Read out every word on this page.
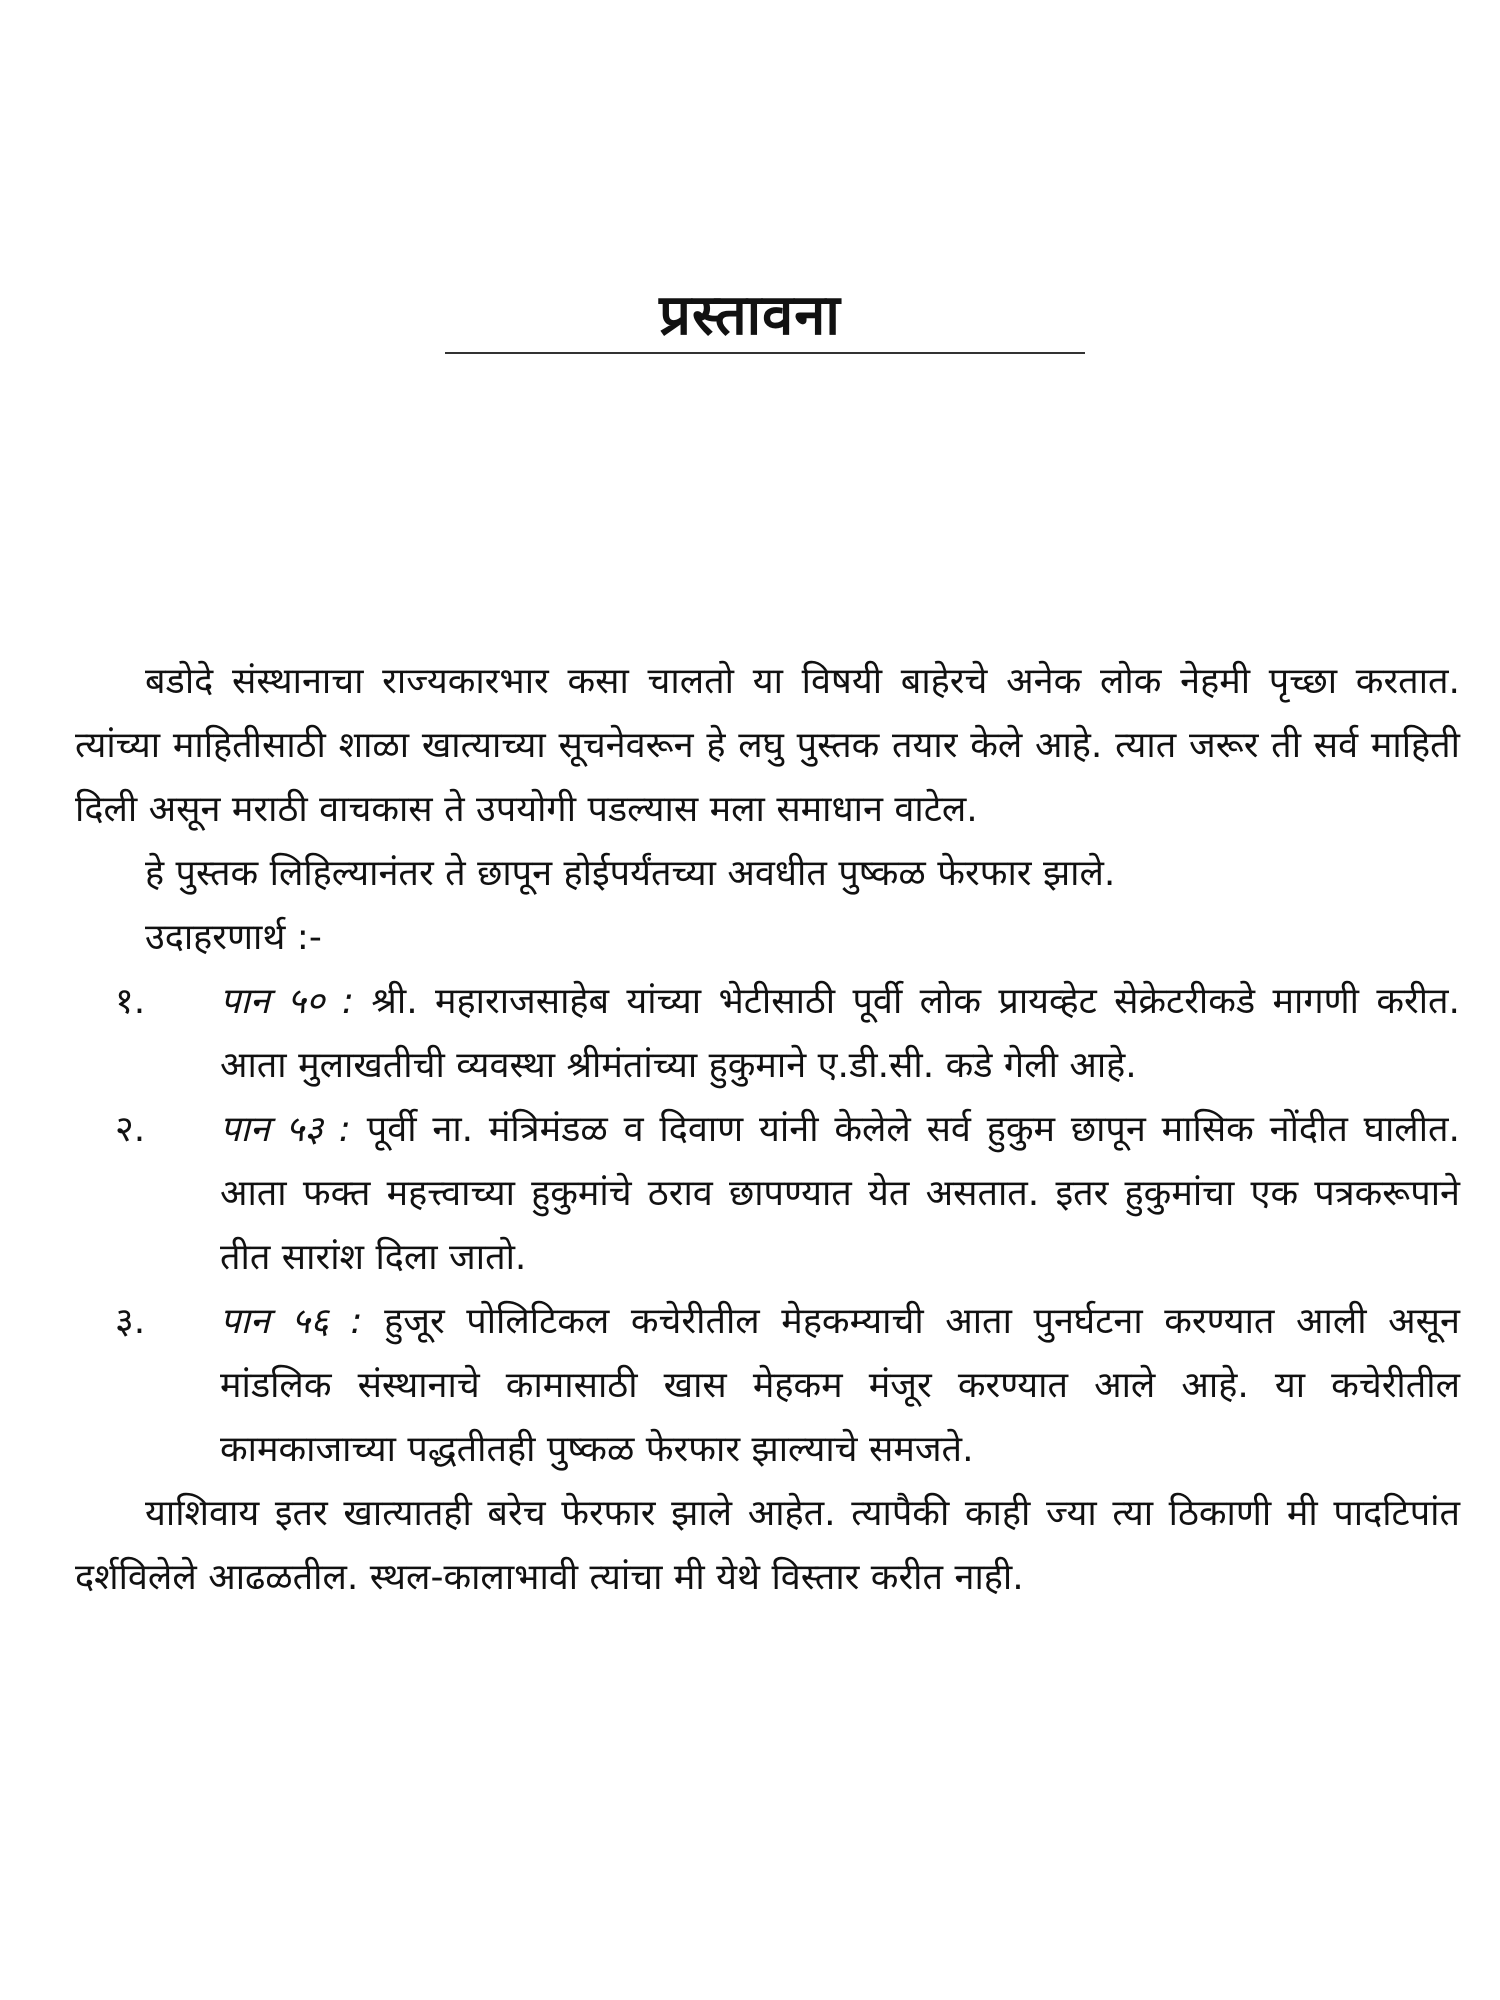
प्रस्तावना

बडोदे संस्थानाचा राज्यकारभार कसा चालतो या विषयी बाहेरचे अनेक लोक नेहमी पृच्छा करतात. त्यांच्या माहितीसाठी शाळा खात्याच्या सूचनेवरून हे लघु पुस्तक तयार केले आहे. त्यात जरूर ती सर्व माहिती दिली असून मराठी वाचकास ते उपयोगी पडल्यास मला समाधान वाटेल.

हे पुस्तक लिहिल्यानंतर ते छापून होईपर्यंतच्या अवधीत पुष्कळ फेरफार झाले.

उदाहरणार्थ :-

१. पान ५० : श्री. महाराजसाहेब यांच्या भेटीसाठी पूर्वी लोक प्रायव्हेट सेक्रेटरीकडे मागणी करीत. आता मुलाखतीची व्यवस्था श्रीमंतांच्या हुकुमाने ए.डी.सी. कडे गेली आहे.
२. पान ५३ : पूर्वी ना. मंत्रिमंडळ व दिवाण यांनी केलेले सर्व हुकुम छापून मासिक नोंदीत घालीत. आता फक्त महत्त्वाच्या हुकुमांचे ठराव छापण्यात येत असतात. इतर हुकुमांचा एक पत्रकरूपाने तीत सारांश दिला जातो.
३. पान ५६ : हुजूर पोलिटिकल कचेरीतील मेहकम्याची आता पुनर्घटना करण्यात आली असून मांडलिक संस्थानाचे कामासाठी खास मेहकम मंजूर करण्यात आले आहे. या कचेरीतील कामकाजाच्या पद्धतीतही पुष्कळ फेरफार झाल्याचे समजते.

याशिवाय इतर खात्यातही बरेच फेरफार झाले आहेत. त्यापैकी काही ज्या त्या ठिकाणी मी पादटिपांत दर्शविलेले आढळतील. स्थल-कालाभावी त्यांचा मी येथे विस्तार करीत नाही.
